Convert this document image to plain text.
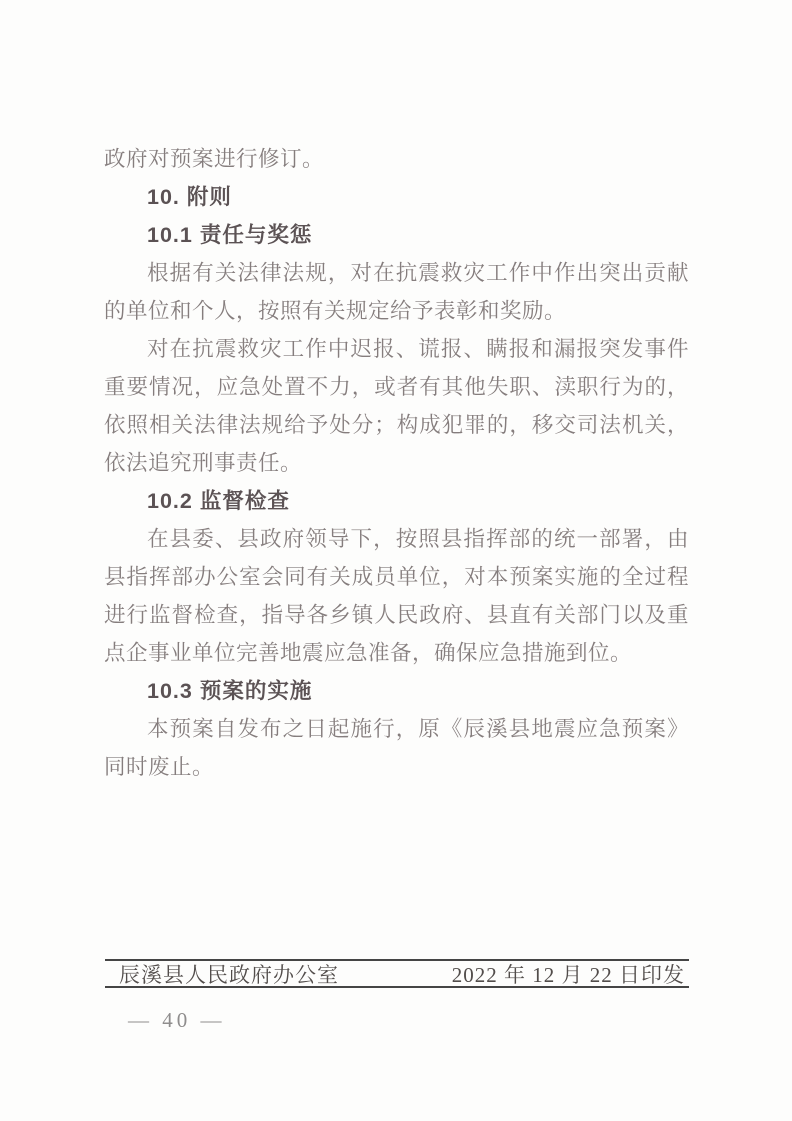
政府对预案进行修订。

10. 附则

10.1 责任与奖惩

根据有关法律法规，对在抗震救灾工作中作出突出贡献的单位和个人，按照有关规定给予表彰和奖励。

对在抗震救灾工作中迟报、谎报、瞒报和漏报突发事件重要情况，应急处置不力，或者有其他失职、渎职行为的，依照相关法律法规给予处分；构成犯罪的，移交司法机关，依法追究刑事责任。

10.2 监督检查

在县委、县政府领导下，按照县指挥部的统一部署，由县指挥部办公室会同有关成员单位，对本预案实施的全过程进行监督检查，指导各乡镇人民政府、县直有关部门以及重点企事业单位完善地震应急准备，确保应急措施到位。

10.3 预案的实施

本预案自发布之日起施行，原《辰溪县地震应急预案》同时废止。

辰溪县人民政府办公室	2022 年 12 月 22 日印发
— 40 —
